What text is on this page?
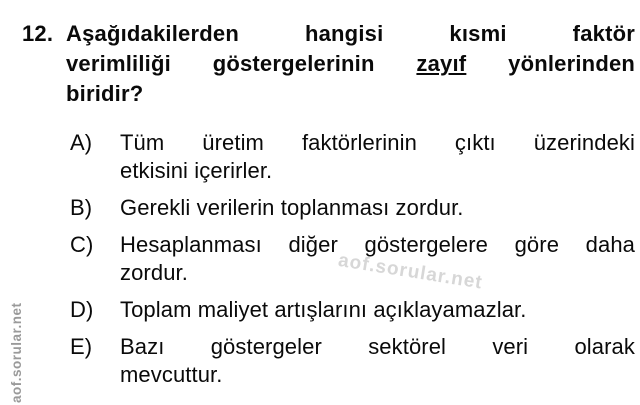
aof.sorular.net
aof.sorular.net
12. Aşağıdakilerden hangisi kısmi faktör
verimliliği göstergelerinin zayıf yönlerinden
biridir?
A)	Tüm üretim faktörlerinin çıktı üzerindeki
etkisini içerirler.
B)	Gerekli verilerin toplanması zordur.
C)	Hesaplanması diğer göstergelere göre daha
zordur.
D)	Toplam maliyet artışlarını açıklayamazlar.
E)	Bazı göstergeler sektörel veri olarak
mevcuttur.
